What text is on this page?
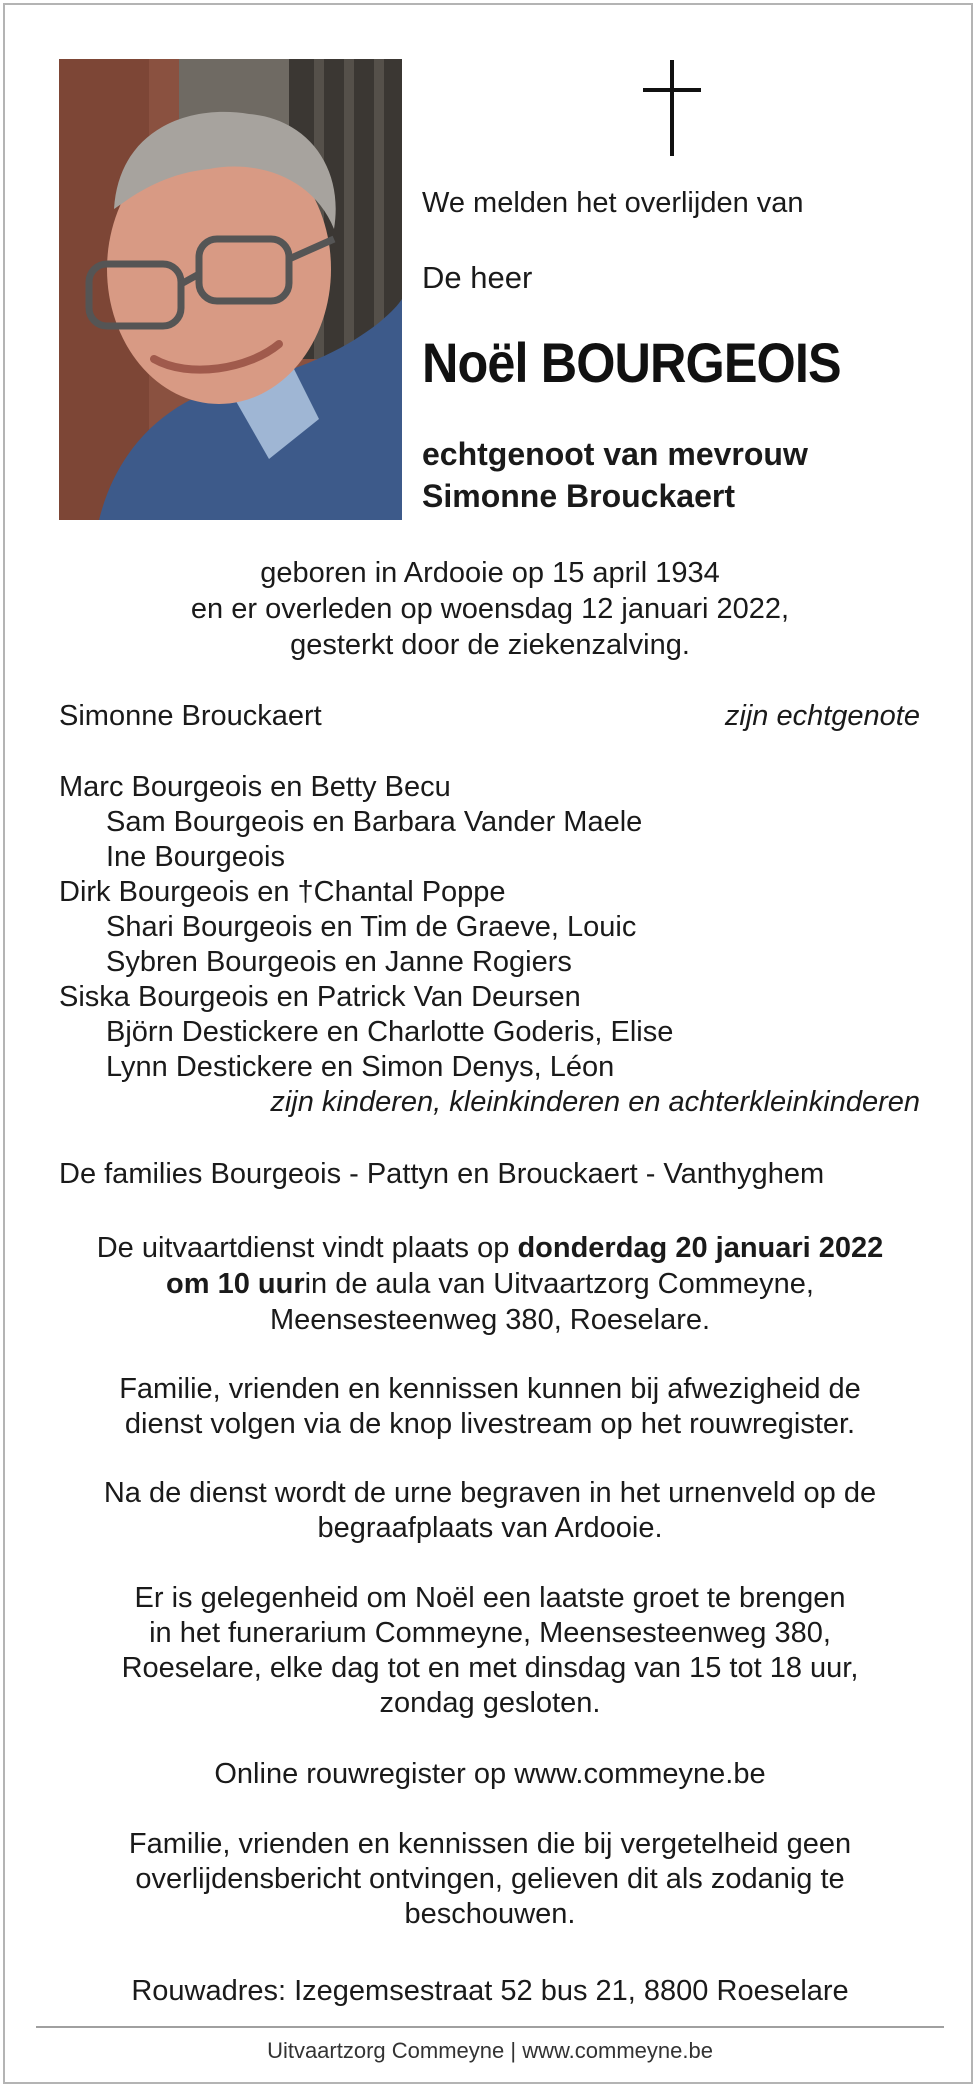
We melden het overlijden van
De heer
Noël BOURGEOIS
echtgenoot van mevrouw
Simonne Brouckaert
geboren in Ardooie op 15 april 1934
en er overleden op woensdag 12 januari 2022,
gesterkt door de ziekenzalving.
Simonne Brouckaert	zijn echtgenote
Marc Bourgeois en Betty Becu
Sam Bourgeois en Barbara Vander Maele
Ine Bourgeois
Dirk Bourgeois en †Chantal Poppe
Shari Bourgeois en Tim de Graeve, Louic
Sybren Bourgeois en Janne Rogiers
Siska Bourgeois en Patrick Van Deursen
Björn Destickere en Charlotte Goderis, Elise
Lynn Destickere en Simon Denys, Léon
zijn kinderen, kleinkinderen en achterkleinkinderen
De families Bourgeois - Pattyn en Brouckaert - Vanthyghem
De uitvaartdienst vindt plaats op donderdag 20 januari 2022
om 10 uurin de aula van Uitvaartzorg Commeyne,
Meensesteenweg 380, Roeselare.
Familie, vrienden en kennissen kunnen bij afwezigheid de
dienst volgen via de knop livestream op het rouwregister.
Na de dienst wordt de urne begraven in het urnenveld op de
begraafplaats van Ardooie.
Er is gelegenheid om Noël een laatste groet te brengen
in het funerarium Commeyne, Meensesteenweg 380,
Roeselare, elke dag tot en met dinsdag van 15 tot 18 uur,
zondag gesloten.
Online rouwregister op www.commeyne.be
Familie, vrienden en kennissen die bij vergetelheid geen
overlijdensbericht ontvingen, gelieven dit als zodanig te
beschouwen.
Rouwadres: Izegemsestraat 52 bus 21, 8800 Roeselare
Uitvaartzorg Commeyne | www.commeyne.be
